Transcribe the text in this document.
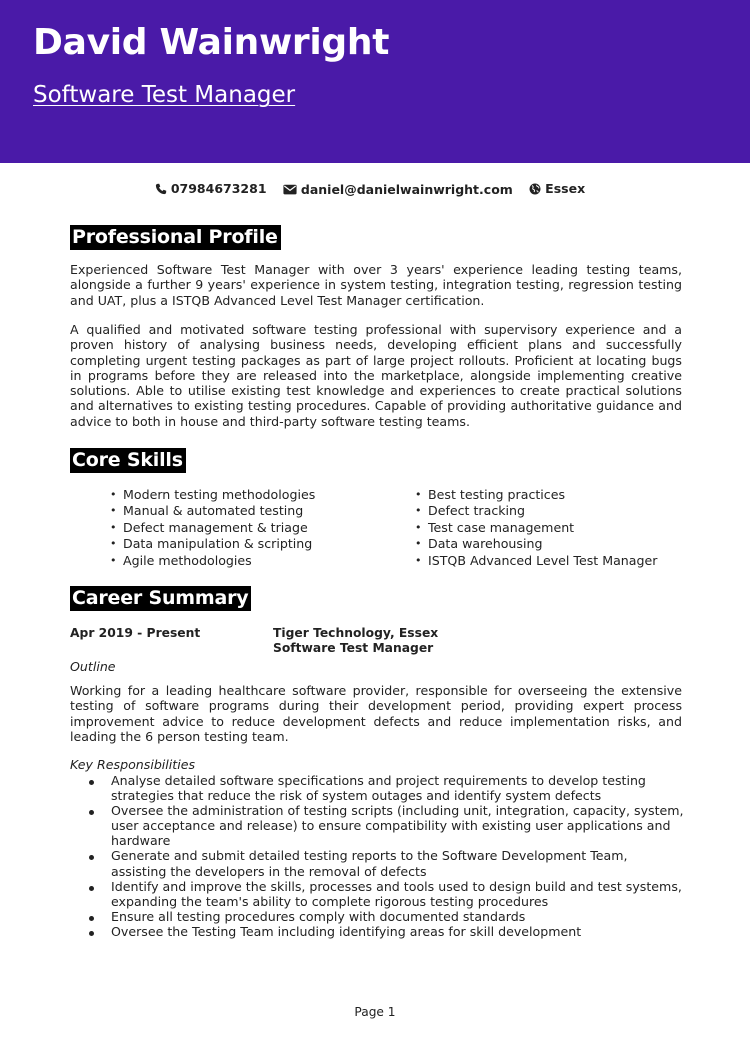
David Wainwright
Software Test Manager
07984673281
	daniel@danielwainwright.com
	Essex
Professional Profile

Experienced Software Test Manager with over 3 years' experience leading testing teams, alongside a further 9 years' experience in system testing, integration testing, regression testing and UAT, plus a ISTQB Advanced Level Test Manager certification.

A qualified and motivated software testing professional with supervisory experience and a proven history of analysing business needs, developing efficient plans and successfully completing urgent testing packages as part of large project rollouts. Proficient at locating bugs in programs before they are released into the marketplace, alongside implementing creative solutions. Able to utilise existing test knowledge and experiences to create practical solutions and alternatives to existing testing procedures. Capable of providing authoritative guidance and advice to both in house and third-party software testing teams.

Core Skills
• Modern testing methodologies
• Manual & automated testing
• Defect management & triage
• Data manipulation & scripting
• Agile methodologies
• Best testing practices
• Defect tracking
• Test case management
• Data warehousing
• ISTQB Advanced Level Test Manager
Career Summary
Apr 2019 - Present	Tiger Technology, Essex
Software Test Manager
Outline

Working for a leading healthcare software provider, responsible for overseeing the extensive testing of software programs during their development period, providing expert process improvement advice to reduce development defects and reduce implementation risks, and leading the 6 person testing team.

Key Responsibilities
Analyse detailed software specifications and project requirements to develop testing strategies that reduce the risk of system outages and identify system defects
Oversee the administration of testing scripts (including unit, integration, capacity, system, user acceptance and release) to ensure compatibility with existing user applications and hardware
Generate and submit detailed testing reports to the Software Development Team, assisting the developers in the removal of defects
Identify and improve the skills, processes and tools used to design build and test systems, expanding the team's ability to complete rigorous testing procedures
Ensure all testing procedures comply with documented standards
Oversee the Testing Team including identifying areas for skill development
Page 1
